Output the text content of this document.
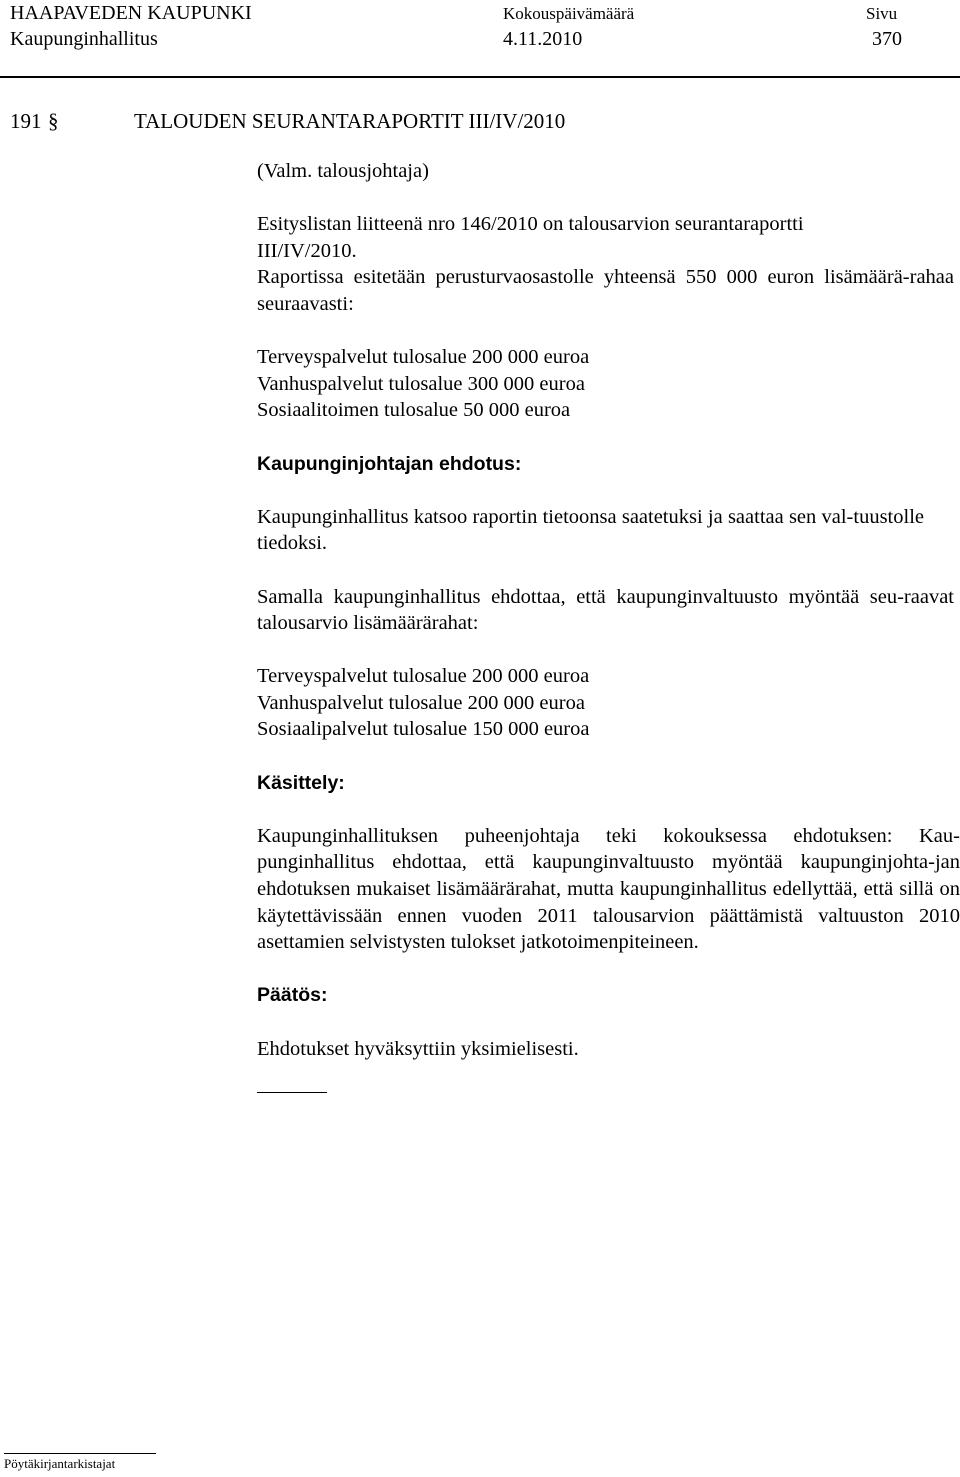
HAAPAVEDEN KAUPUNKI
Kaupunginhallitus
Kokouspäivämäärä
4.11.2010
Sivu
370
191 §	TALOUDEN SEURANTARAPORTIT III/IV/2010

(Valm. talousjohtaja)

Esityslistan liitteenä nro 146/2010 on talousarvion seurantaraportti

III/IV/2010.

Raportissa esitetään perusturvaosastolle yhteensä 550 000 euron lisämäärä-rahaa seuraavasti:

Terveyspalvelut tulosalue 200 000 euroa

Vanhuspalvelut tulosalue 300 000 euroa

Sosiaalitoimen tulosalue 50 000 euroa

Kaupunginjohtajan ehdotus:

Kaupunginhallitus katsoo raportin tietoonsa saatetuksi ja saattaa sen val-tuustolle tiedoksi.

Samalla kaupunginhallitus ehdottaa, että kaupunginvaltuusto myöntää seu-raavat talousarvio lisämäärärahat:

Terveyspalvelut tulosalue 200 000 euroa

Vanhuspalvelut tulosalue 200 000 euroa

Sosiaalipalvelut tulosalue 150 000 euroa

Käsittely:

Kaupunginhallituksen puheenjohtaja teki kokouksessa ehdotuksen: Kau-punginhallitus ehdottaa, että kaupunginvaltuusto myöntää kaupunginjohta-jan ehdotuksen mukaiset lisämäärärahat, mutta kaupunginhallitus edellyttää, että sillä on käytettävissään ennen vuoden 2011 talousarvion päättämistä valtuuston 2010 asettamien selvistysten tulokset jatkotoimenpiteineen.

Päätös:

Ehdotukset hyväksyttiin yksimielisesti.

Pöytäkirjantarkistajat
